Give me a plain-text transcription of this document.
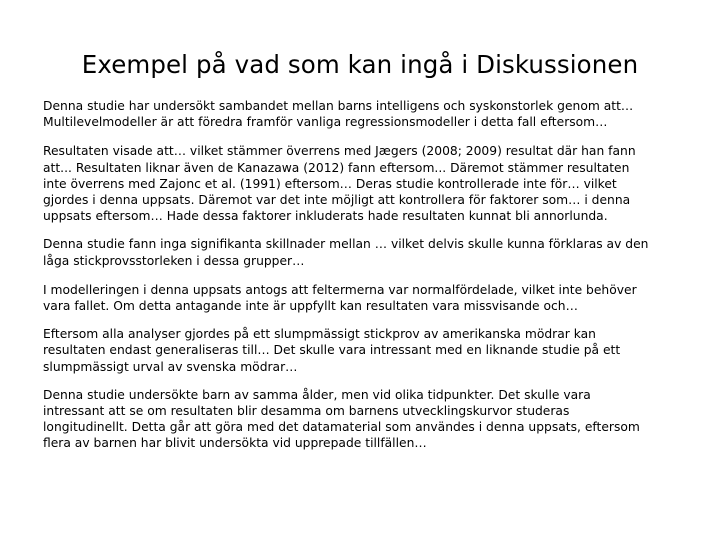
Exempel på vad som kan ingå i Diskussionen

Denna studie har undersökt sambandet mellan barns intelligens och syskonstorlek genom att…
Multilevelmodeller är att föredra framför vanliga regressionsmodeller i detta fall eftersom…

Resultaten visade att… vilket stämmer överrens med Jægers (2008; 2009) resultat där han fann
att... Resultaten liknar även de Kanazawa (2012) fann eftersom... Däremot stämmer resultaten
inte överrens med Zajonc et al. (1991) eftersom… Deras studie kontrollerade inte för… vilket
gjordes i denna uppsats. Däremot var det inte möjligt att kontrollera för faktorer som… i denna
uppsats eftersom… Hade dessa faktorer inkluderats hade resultaten kunnat bli annorlunda.

Denna studie fann inga signifikanta skillnader mellan … vilket delvis skulle kunna förklaras av den
låga stickprovsstorleken i dessa grupper…

I modelleringen i denna uppsats antogs att feltermerna var normalfördelade, vilket inte behöver
vara fallet. Om detta antagande inte är uppfyllt kan resultaten vara missvisande och…

Eftersom alla analyser gjordes på ett slumpmässigt stickprov av amerikanska mödrar kan
resultaten endast generaliseras till… Det skulle vara intressant med en liknande studie på ett
slumpmässigt urval av svenska mödrar…

Denna studie undersökte barn av samma ålder, men vid olika tidpunkter. Det skulle vara
intressant att se om resultaten blir desamma om barnens utvecklingskurvor studeras
longitudinellt. Detta går att göra med det datamaterial som användes i denna uppsats, eftersom
flera av barnen har blivit undersökta vid upprepade tillfällen…
